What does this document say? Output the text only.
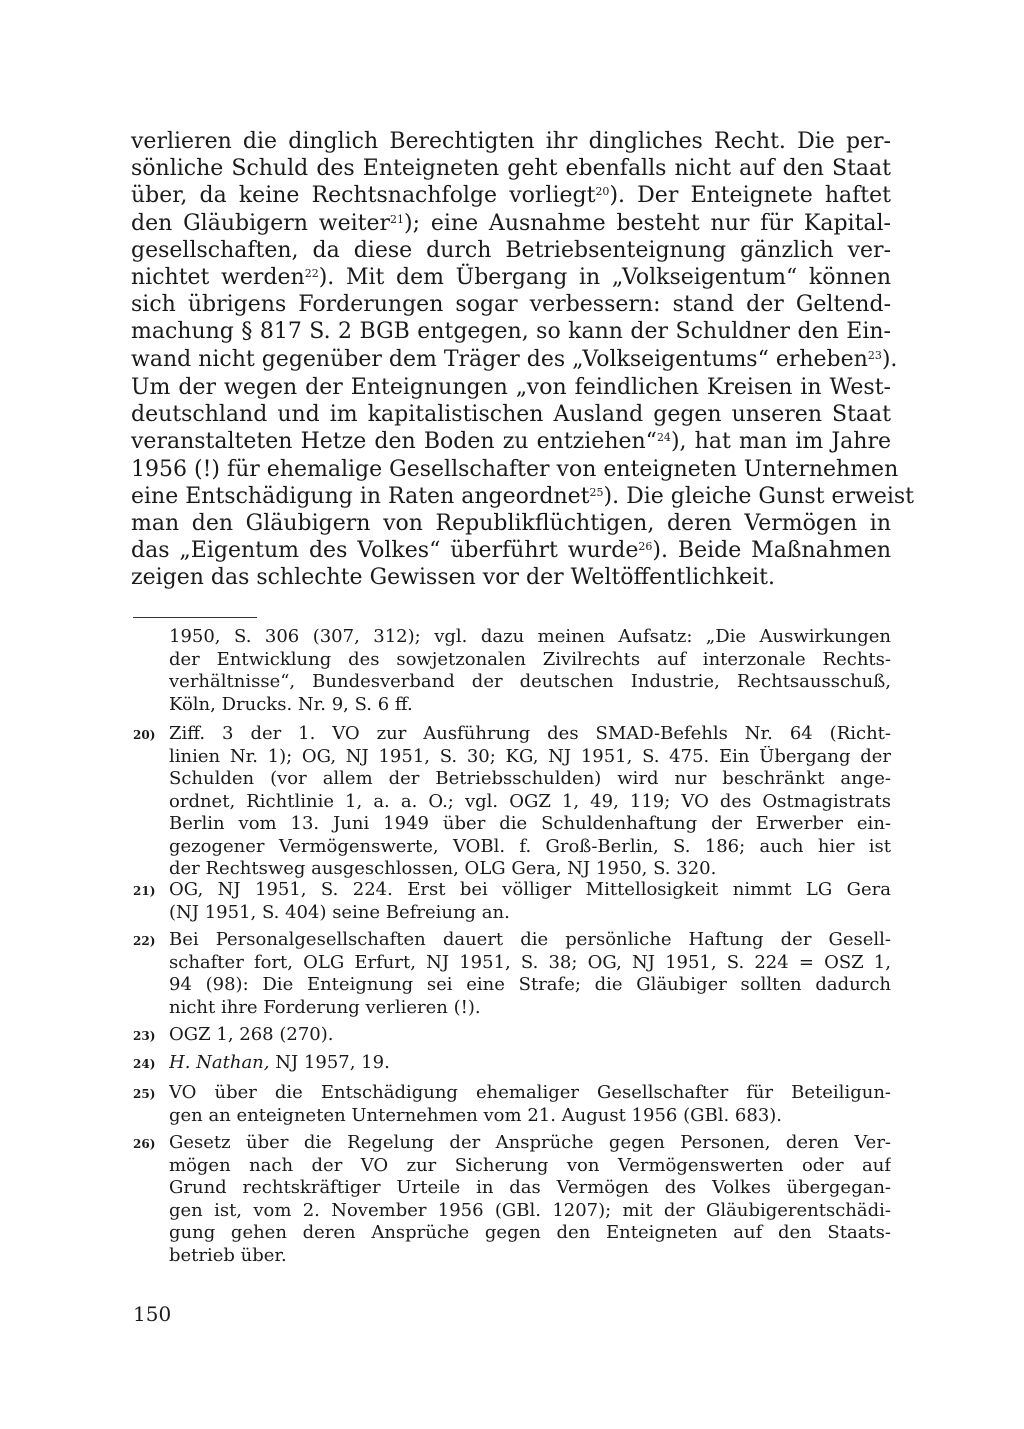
verlieren die dinglich Berechtigten ihr dingliches Recht. Die per-
sönliche Schuld des Enteigneten geht ebenfalls nicht auf den Staat
über, da keine Rechtsnachfolge vorliegt$^{20}$). Der Enteignete haftet
den Gläubigern weiter$^{21}$); eine Ausnahme besteht nur für Kapital-
gesellschaften, da diese durch Betriebsenteignung gänzlich ver-
nichtet werden$^{22}$). Mit dem Übergang in „Volkseigentum“ können
sich übrigens Forderungen sogar verbessern: stand der Geltend-
machung § 817 S. 2 BGB entgegen, so kann der Schuldner den Ein-
wand nicht gegenüber dem Träger des „Volkseigentums“ erheben$^{23}$).

Um der wegen der Enteignungen „von feindlichen Kreisen in West-
deutschland und im kapitalistischen Ausland gegen unseren Staat
veranstalteten Hetze den Boden zu entziehen“$^{24}$), hat man im Jahre
1956 (!) für ehemalige Gesellschafter von enteigneten Unternehmen
eine Entschädigung in Raten angeordnet$^{25}$). Die gleiche Gunst erweist
man den Gläubigern von Republikflüchtigen, deren Vermögen in
das „Eigentum des Volkes“ überführt wurde$^{26}$). Beide Maßnahmen
zeigen das schlechte Gewissen vor der Weltöffentlichkeit.

1950, S. 306 (307, 312); vgl. dazu meinen Aufsatz: „Die Auswirkungen
der Entwicklung des sowjetzonalen Zivilrechts auf interzonale Rechts-
verhältnisse“, Bundesverband der deutschen Industrie, Rechtsausschuß,
Köln, Drucks. Nr. 9, S. 6 ff.
20) Ziff. 3 der 1. VO zur Ausführung des SMAD-Befehls Nr. 64 (Richt-
linien Nr. 1); OG, NJ 1951, S. 30; KG, NJ 1951, S. 475. Ein Übergang der
Schulden (vor allem der Betriebsschulden) wird nur beschränkt ange-
ordnet, Richtlinie 1, a. a. O.; vgl. OGZ 1, 49, 119; VO des Ostmagistrats
Berlin vom 13. Juni 1949 über die Schuldenhaftung der Erwerber ein-
gezogener Vermögenswerte, VOBl. f. Groß-Berlin, S. 186; auch hier ist
der Rechtsweg ausgeschlossen, OLG Gera, NJ 1950, S. 320.
21) OG, NJ 1951, S. 224. Erst bei völliger Mittellosigkeit nimmt LG Gera
(NJ 1951, S. 404) seine Befreiung an.
22) Bei Personalgesellschaften dauert die persönliche Haftung der Gesell-
schafter fort, OLG Erfurt, NJ 1951, S. 38; OG, NJ 1951, S. 224 = OSZ 1,
94 (98): Die Enteignung sei eine Strafe; die Gläubiger sollten dadurch
nicht ihre Forderung verlieren (!).
23) OGZ 1, 268 (270).
24) H. Nathan, NJ 1957, 19.
25) VO über die Entschädigung ehemaliger Gesellschafter für Beteiligun-
gen an enteigneten Unternehmen vom 21. August 1956 (GBl. 683).
26) Gesetz über die Regelung der Ansprüche gegen Personen, deren Ver-
mögen nach der VO zur Sicherung von Vermögenswerten oder auf
Grund rechtskräftiger Urteile in das Vermögen des Volkes übergegan-
gen ist, vom 2. November 1956 (GBl. 1207); mit der Gläubigerentschädi-
gung gehen deren Ansprüche gegen den Enteigneten auf den Staats-
betrieb über.
150
